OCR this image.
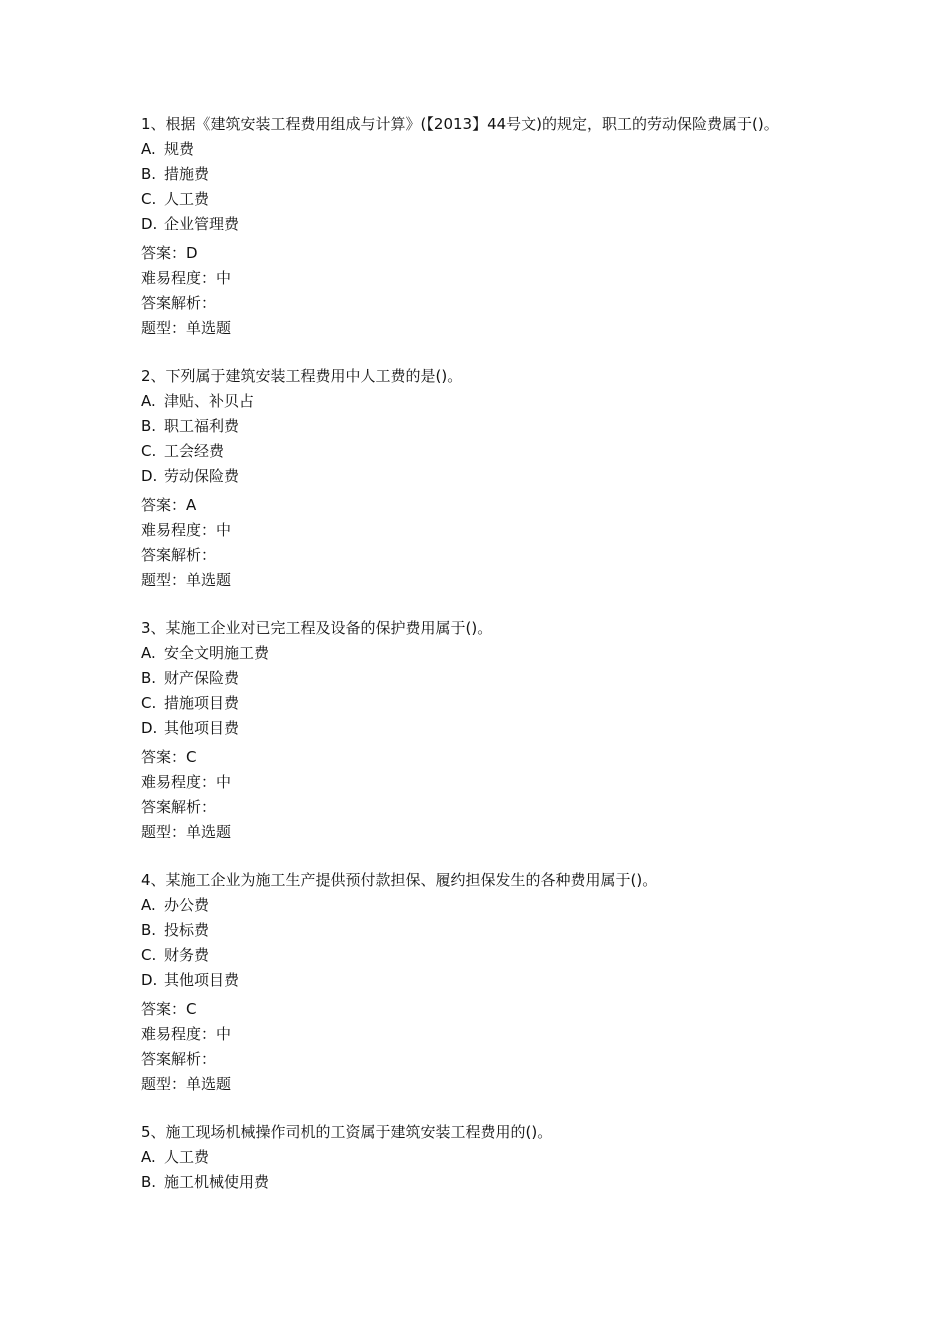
1、根据《建筑安装工程费用组成与计算》(【2013】44号文)的规定，职工的劳动保险费属于()。
A. 规费
B. 措施费
C. 人工费
D. 企业管理费
答案：D
难易程度：中
答案解析：
题型：单选题
2、下列属于建筑安装工程费用中人工费的是()。
A. 津贴、补贝占
B. 职工福利费
C. 工会经费
D. 劳动保险费
答案：A
难易程度：中
答案解析：
题型：单选题
3、某施工企业对已完工程及设备的保护费用属于()。
A. 安全文明施工费
B. 财产保险费
C. 措施项目费
D. 其他项目费
答案：C
难易程度：中
答案解析：
题型：单选题
4、某施工企业为施工生产提供预付款担保、履约担保发生的各种费用属于()。
A. 办公费
B. 投标费
C. 财务费
D. 其他项目费
答案：C
难易程度：中
答案解析：
题型：单选题
5、施工现场机械操作司机的工资属于建筑安装工程费用的()。
A. 人工费
B. 施工机械使用费
